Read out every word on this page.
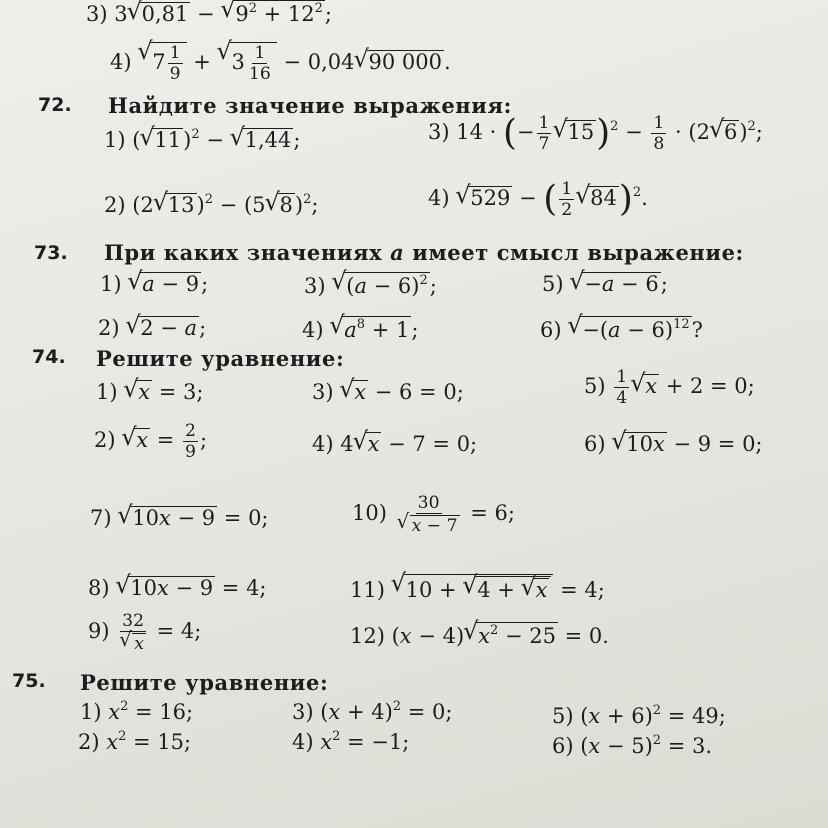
3) 3√ 0,81 − √ $9^2 + 12^2$;
4) √ $7 \frac{1}{9}$ + √ $3 \frac{1}{16} - 0,04√$ 90 000.
72. Найдите значение выражения:
1) (√ 11)$^2$ − √ 1,44;	3) 14 · (− $\frac{1}{7}$
√ $15)^2 - \frac{1}{8} \cdot (2√$ 6)$^2$;
2) (2√ 13)$^2$ − (5√ 8)$^2$;	4) √ 529 − ( $\frac{1}{2}$
√ 84)$^2$.
73. При каких значениях a имеет смысл выражение:
1) √ a − 9;	3) √ $(a - 6)^2$;	5) √ −a − 6;
2) √ 2 − a;	4) √ $a^8 + 1$;	6) √ $-(a - 6)^{12}$?
74. Решите уравнение:
1) √ x = 3;	3) √ x − 6 = 0;	$5) \frac{1}{4}$
√ x + 2 = 0;
2) √ $x = \frac{2}{9}$ ;	4) 4√ x − 7 = 0;	6) √ 10x − 9 = 0;
7) √ 10x − 9 = 0;	10) 30
√ x − 7 = 6;
8) √ 10x − 9 = 4;	11) √ 10 + √ 4 + √ x = 4;
9) 32
√ x = 4;	12) (x − 4)√ $x^2 - 25 = 0$.
75. Решите уравнение:
1) $x^2 = 16$;	3) $(x + 4)^2 = 0$;	5) $(x + 6)^2 = 49$;
2) $x^2 = 15$;	4) $x^2 = -1$;	6) $(x - 5)^2 = 3$.
